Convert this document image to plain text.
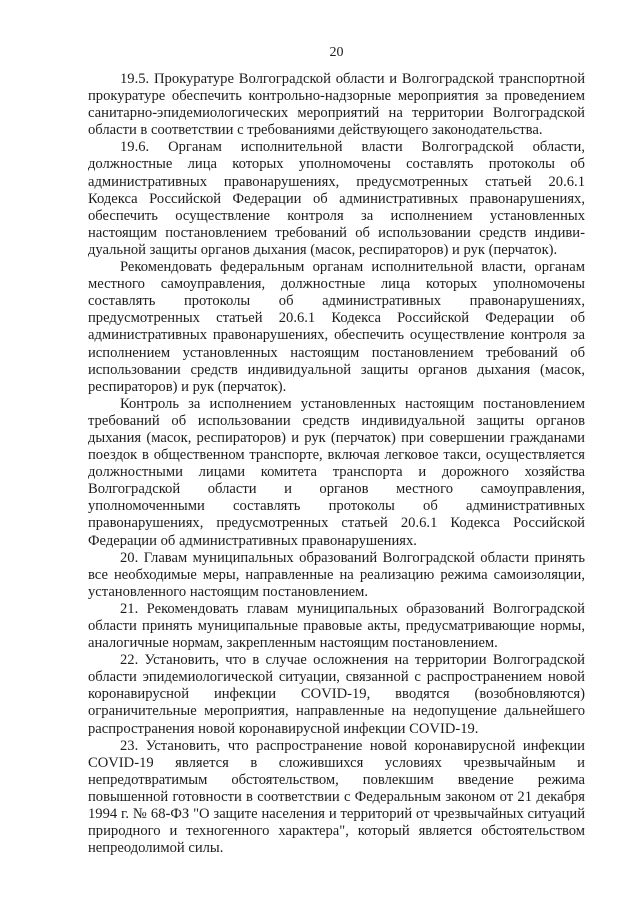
20

19.5. Прокуратуре Волгоградской области и Волгоградской транспортной прокуратуре обеспечить контрольно-надзорные мероприятия за проведением санитарно-эпидемиологических мероприятий на территории Волгоградской области в соответствии с требованиями действующего законодательства.

19.6. Органам исполнительной власти Волгоградской области, должностные лица которых уполномочены составлять протоколы об административных правонарушениях, предусмотренных статьей 20.6.1 Кодекса Российской Федерации об административных правонарушениях, обеспечить осуществление контроля за исполнением установленных настоящим постановлением требований об использовании средств индивидуальной защиты органов дыхания (масок, респираторов) и рук (перчаток).

Рекомендовать федеральным органам исполнительной власти, органам местного самоуправления, должностные лица которых уполномочены составлять протоколы об административных правонарушениях, предусмотренных статьей 20.6.1 Кодекса Российской Федерации об административных правонарушениях, обеспечить осуществление контроля за исполнением установленных настоящим постановлением требований об использовании средств индивидуальной защиты органов дыхания (масок, респираторов) и рук (перчаток).

Контроль за исполнением установленных настоящим постановлением требований об использовании средств индивидуальной защиты органов дыхания (масок, респираторов) и рук (перчаток) при совершении гражданами поездок в общественном транспорте, включая легковое такси, осуществляется должностными лицами комитета транспорта и дорожного хозяйства Волгоградской области и органов местного самоуправления, уполномоченными составлять протоколы об административных правонарушениях, предусмотренных статьей 20.6.1 Кодекса Российской Федерации об административных правонарушениях.

20. Главам муниципальных образований Волгоградской области принять все необходимые меры, направленные на реализацию режима самоизоляции, установленного настоящим постановлением.

21. Рекомендовать главам муниципальных образований Волгоградской области принять муниципальные правовые акты, предусматривающие нормы, аналогичные нормам, закрепленным настоящим постановлением.

22. Установить, что в случае осложнения на территории Волгоградской области эпидемиологической ситуации, связанной с распространением новой коронавирусной инфекции COVID-19, вводятся (возобновляются) ограничительные мероприятия, направленные на недопущение дальнейшего распространения новой коронавирусной инфекции COVID-19.

23. Установить, что распространение новой коронавирусной инфекции COVID-19 является в сложившихся условиях чрезвычайным и непредотвратимым обстоятельством, повлекшим введение режима повышенной готовности в соответствии с Федеральным законом от 21 декабря 1994 г. № 68-ФЗ "О защите населения и территорий от чрезвычайных ситуаций природного и техногенного характера", который является обстоятельством непреодолимой силы.
